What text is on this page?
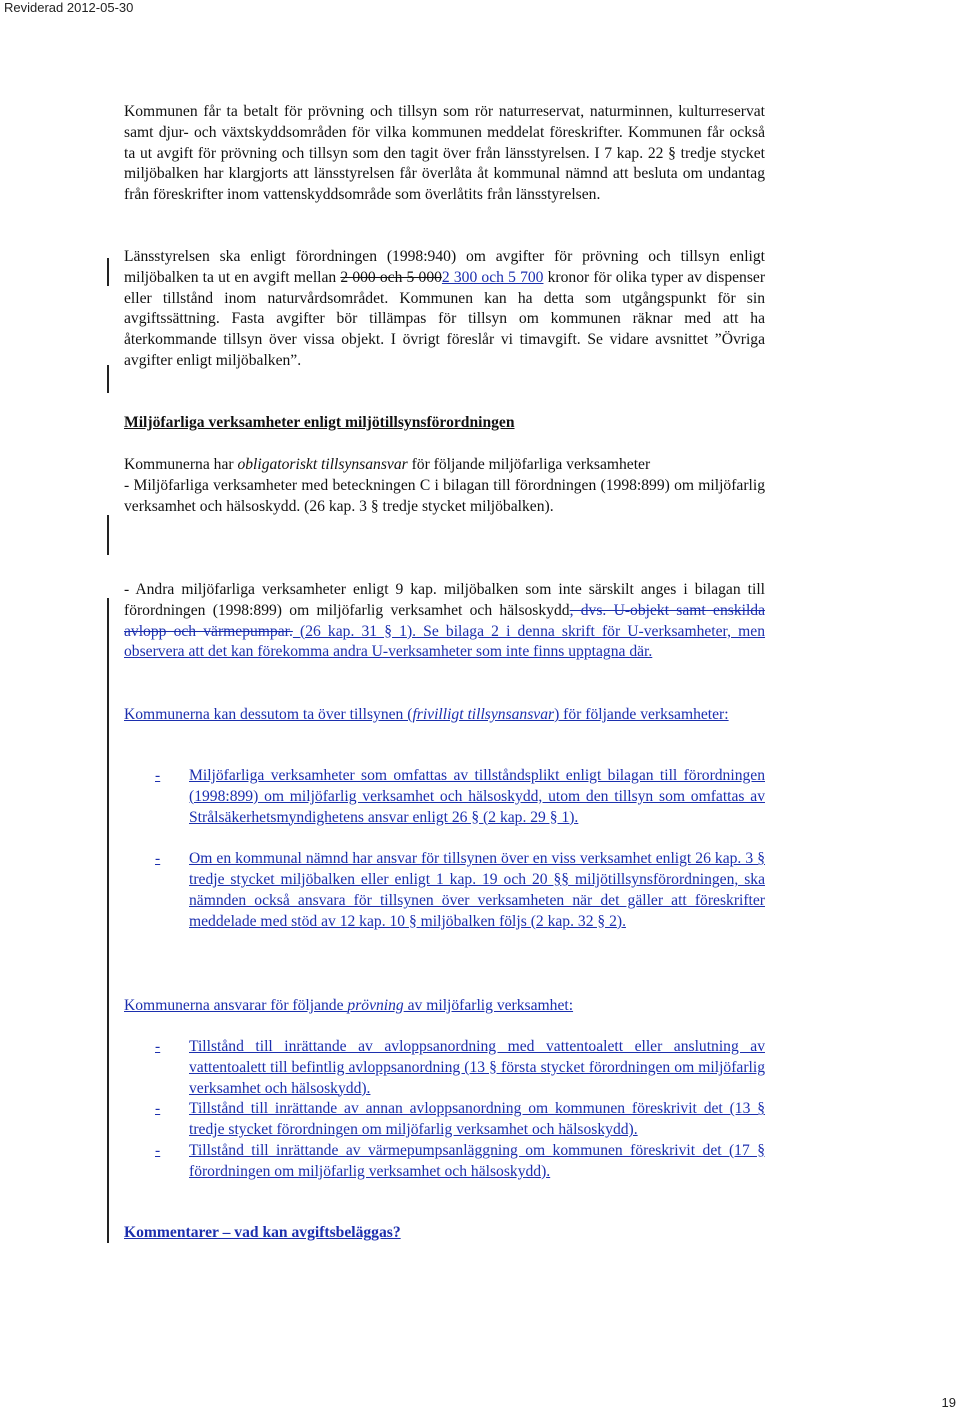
Reviderad 2012-05-30
Kommunen får ta betalt för prövning och tillsyn som rör naturreservat, naturminnen, kulturreservat samt djur- och växtskyddsområden för vilka kommunen meddelat föreskrifter. Kommunen får också ta ut avgift för prövning och tillsyn som den tagit över från länsstyrelsen. I 7 kap. 22 § tredje stycket miljöbalken har klargjorts att länsstyrelsen får överlåta åt kommunal nämnd att besluta om undantag från föreskrifter inom vattenskyddsområde som överlåtits från länsstyrelsen.
Länsstyrelsen ska enligt förordningen (1998:940) om avgifter för prövning och tillsyn enligt miljöbalken ta ut en avgift mellan 2 000 och 5 0002 300 och 5 700 kronor för olika typer av dispenser eller tillstånd inom naturvårdsområdet. Kommunen kan ha detta som utgångspunkt för sin avgiftssättning. Fasta avgifter bör tillämpas för tillsyn om kommunen räknar med att ha återkommande tillsyn över vissa objekt. I övrigt föreslår vi timavgift. Se vidare avsnittet ”Övriga avgifter enligt miljöbalken”.
Miljöfarliga verksamheter enligt miljötillsynsförordningen
Kommunerna har obligatoriskt tillsynsansvar för följande miljöfarliga verksamheter
- Miljöfarliga verksamheter med beteckningen C i bilagan till förordningen (1998:899) om miljöfarlig verksamhet och hälsoskydd. (26 kap. 3 § tredje stycket miljöbalken).
- Andra miljöfarliga verksamheter enligt 9 kap. miljöbalken som inte särskilt anges i bilagan till förordningen (1998:899) om miljöfarlig verksamhet och hälsoskydd, dvs. U-objekt samt enskilda avlopp och värmepumpar. (26 kap. 31 § 1). Se bilaga 2 i denna skrift för U-verksamheter, men observera att det kan förekomma andra U-verksamheter som inte finns upptagna där.
Kommunerna kan dessutom ta över tillsynen (frivilligt tillsynsansvar) för följande verksamheter:
-	Miljöfarliga verksamheter som omfattas av tillståndsplikt enligt bilagan till förordningen (1998:899) om miljöfarlig verksamhet och hälsoskydd, utom den tillsyn som omfattas av Strålsäkerhetsmyndighetens ansvar enligt 26 § (2 kap. 29 § 1).
-	Om en kommunal nämnd har ansvar för tillsynen över en viss verksamhet enligt 26 kap. 3 § tredje stycket miljöbalken eller enligt 1 kap. 19 och 20 §§ miljötillsynsförordningen, ska nämnden också ansvara för tillsynen över verksamheten när det gäller att föreskrifter meddelade med stöd av 12 kap. 10 § miljöbalken följs (2 kap. 32 § 2).
Kommunerna ansvarar för följande prövning av miljöfarlig verksamhet:
-	Tillstånd till inrättande av avloppsanordning med vattentoalett eller anslutning av vattentoalett till befintlig avloppsanordning (13 § första stycket förordningen om miljöfarlig verksamhet och hälsoskydd).
-	Tillstånd till inrättande av annan avloppsanordning om kommunen föreskrivit det (13 § tredje stycket förordningen om miljöfarlig verksamhet och hälsoskydd).
-	Tillstånd till inrättande av värmepumpsanläggning om kommunen föreskrivit det (17 § förordningen om miljöfarlig verksamhet och hälsoskydd).
Kommentarer – vad kan avgiftsbeläggas?
19
